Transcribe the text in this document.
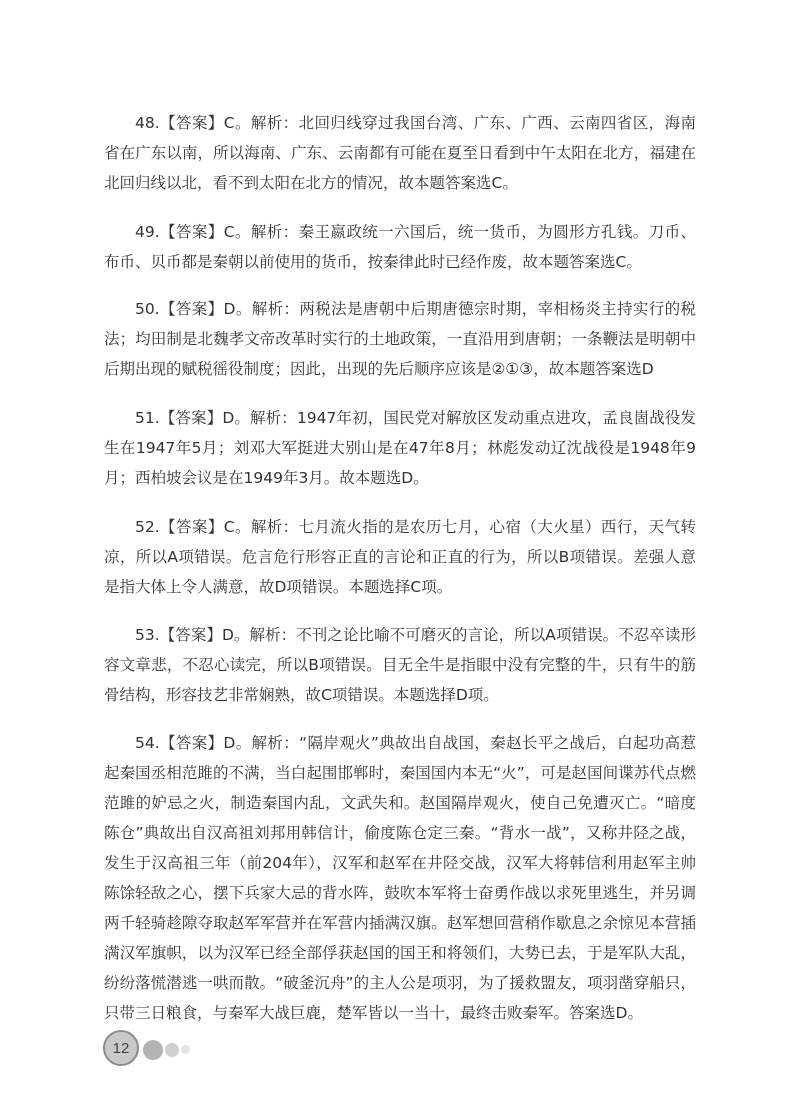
48.【答案】C。解析：北回归线穿过我国台湾、广东、广西、云南四省区，海南省在广东以南，所以海南、广东、云南都有可能在夏至日看到中午太阳在北方，福建在北回归线以北，看不到太阳在北方的情况，故本题答案选C。

49.【答案】C。解析：秦王嬴政统一六国后，统一货币，为圆形方孔钱。刀币、布币、贝币都是秦朝以前使用的货币，按秦律此时已经作废，故本题答案选C。

50.【答案】D。解析：两税法是唐朝中后期唐德宗时期，宰相杨炎主持实行的税法；均田制是北魏孝文帝改革时实行的土地政策，一直沿用到唐朝；一条鞭法是明朝中后期出现的赋税徭役制度；因此，出现的先后顺序应该是②①③，故本题答案选D

51.【答案】D。解析：1947年初，国民党对解放区发动重点进攻，孟良崮战役发生在1947年5月；刘邓大军挺进大别山是在47年8月；林彪发动辽沈战役是1948年9月；西柏坡会议是在1949年3月。故本题选D。

52.【答案】C。解析：七月流火指的是农历七月，心宿（大火星）西行，天气转凉，所以A项错误。危言危行形容正直的言论和正直的行为，所以B项错误。差强人意是指大体上令人满意，故D项错误。本题选择C项。

53.【答案】D。解析：不刊之论比喻不可磨灭的言论，所以A项错误。不忍卒读形容文章悲，不忍心读完，所以B项错误。目无全牛是指眼中没有完整的牛，只有牛的筋骨结构，形容技艺非常娴熟，故C项错误。本题选择D项。

54.【答案】D。解析：“隔岸观火”典故出自战国，秦赵长平之战后，白起功高惹起秦国丞相范雎的不满，当白起围邯郸时，秦国国内本无“火”，可是赵国间谍苏代点燃范雎的妒忌之火，制造秦国内乱，文武失和。赵国隔岸观火，使自己免遭灭亡。“暗度陈仓”典故出自汉高祖刘邦用韩信计，偷度陈仓定三秦。“背水一战”，又称井陉之战，发生于汉高祖三年（前204年），汉军和赵军在井陉交战，汉军大将韩信利用赵军主帅陈馀轻敌之心，摆下兵家大忌的背水阵，鼓吹本军将士奋勇作战以求死里逃生，并另调两千轻骑趁隙夺取赵军军营并在军营内插满汉旗。赵军想回营稍作歇息之余惊见本营插满汉军旗帜，以为汉军已经全部俘获赵国的国王和将领们，大势已去，于是军队大乱，纷纷落慌潜逃一哄而散。“破釜沉舟”的主人公是项羽，为了援救盟友，项羽凿穿船只，只带三日粮食，与秦军大战巨鹿，楚军皆以一当十，最终击败秦军。答案选D。

12
